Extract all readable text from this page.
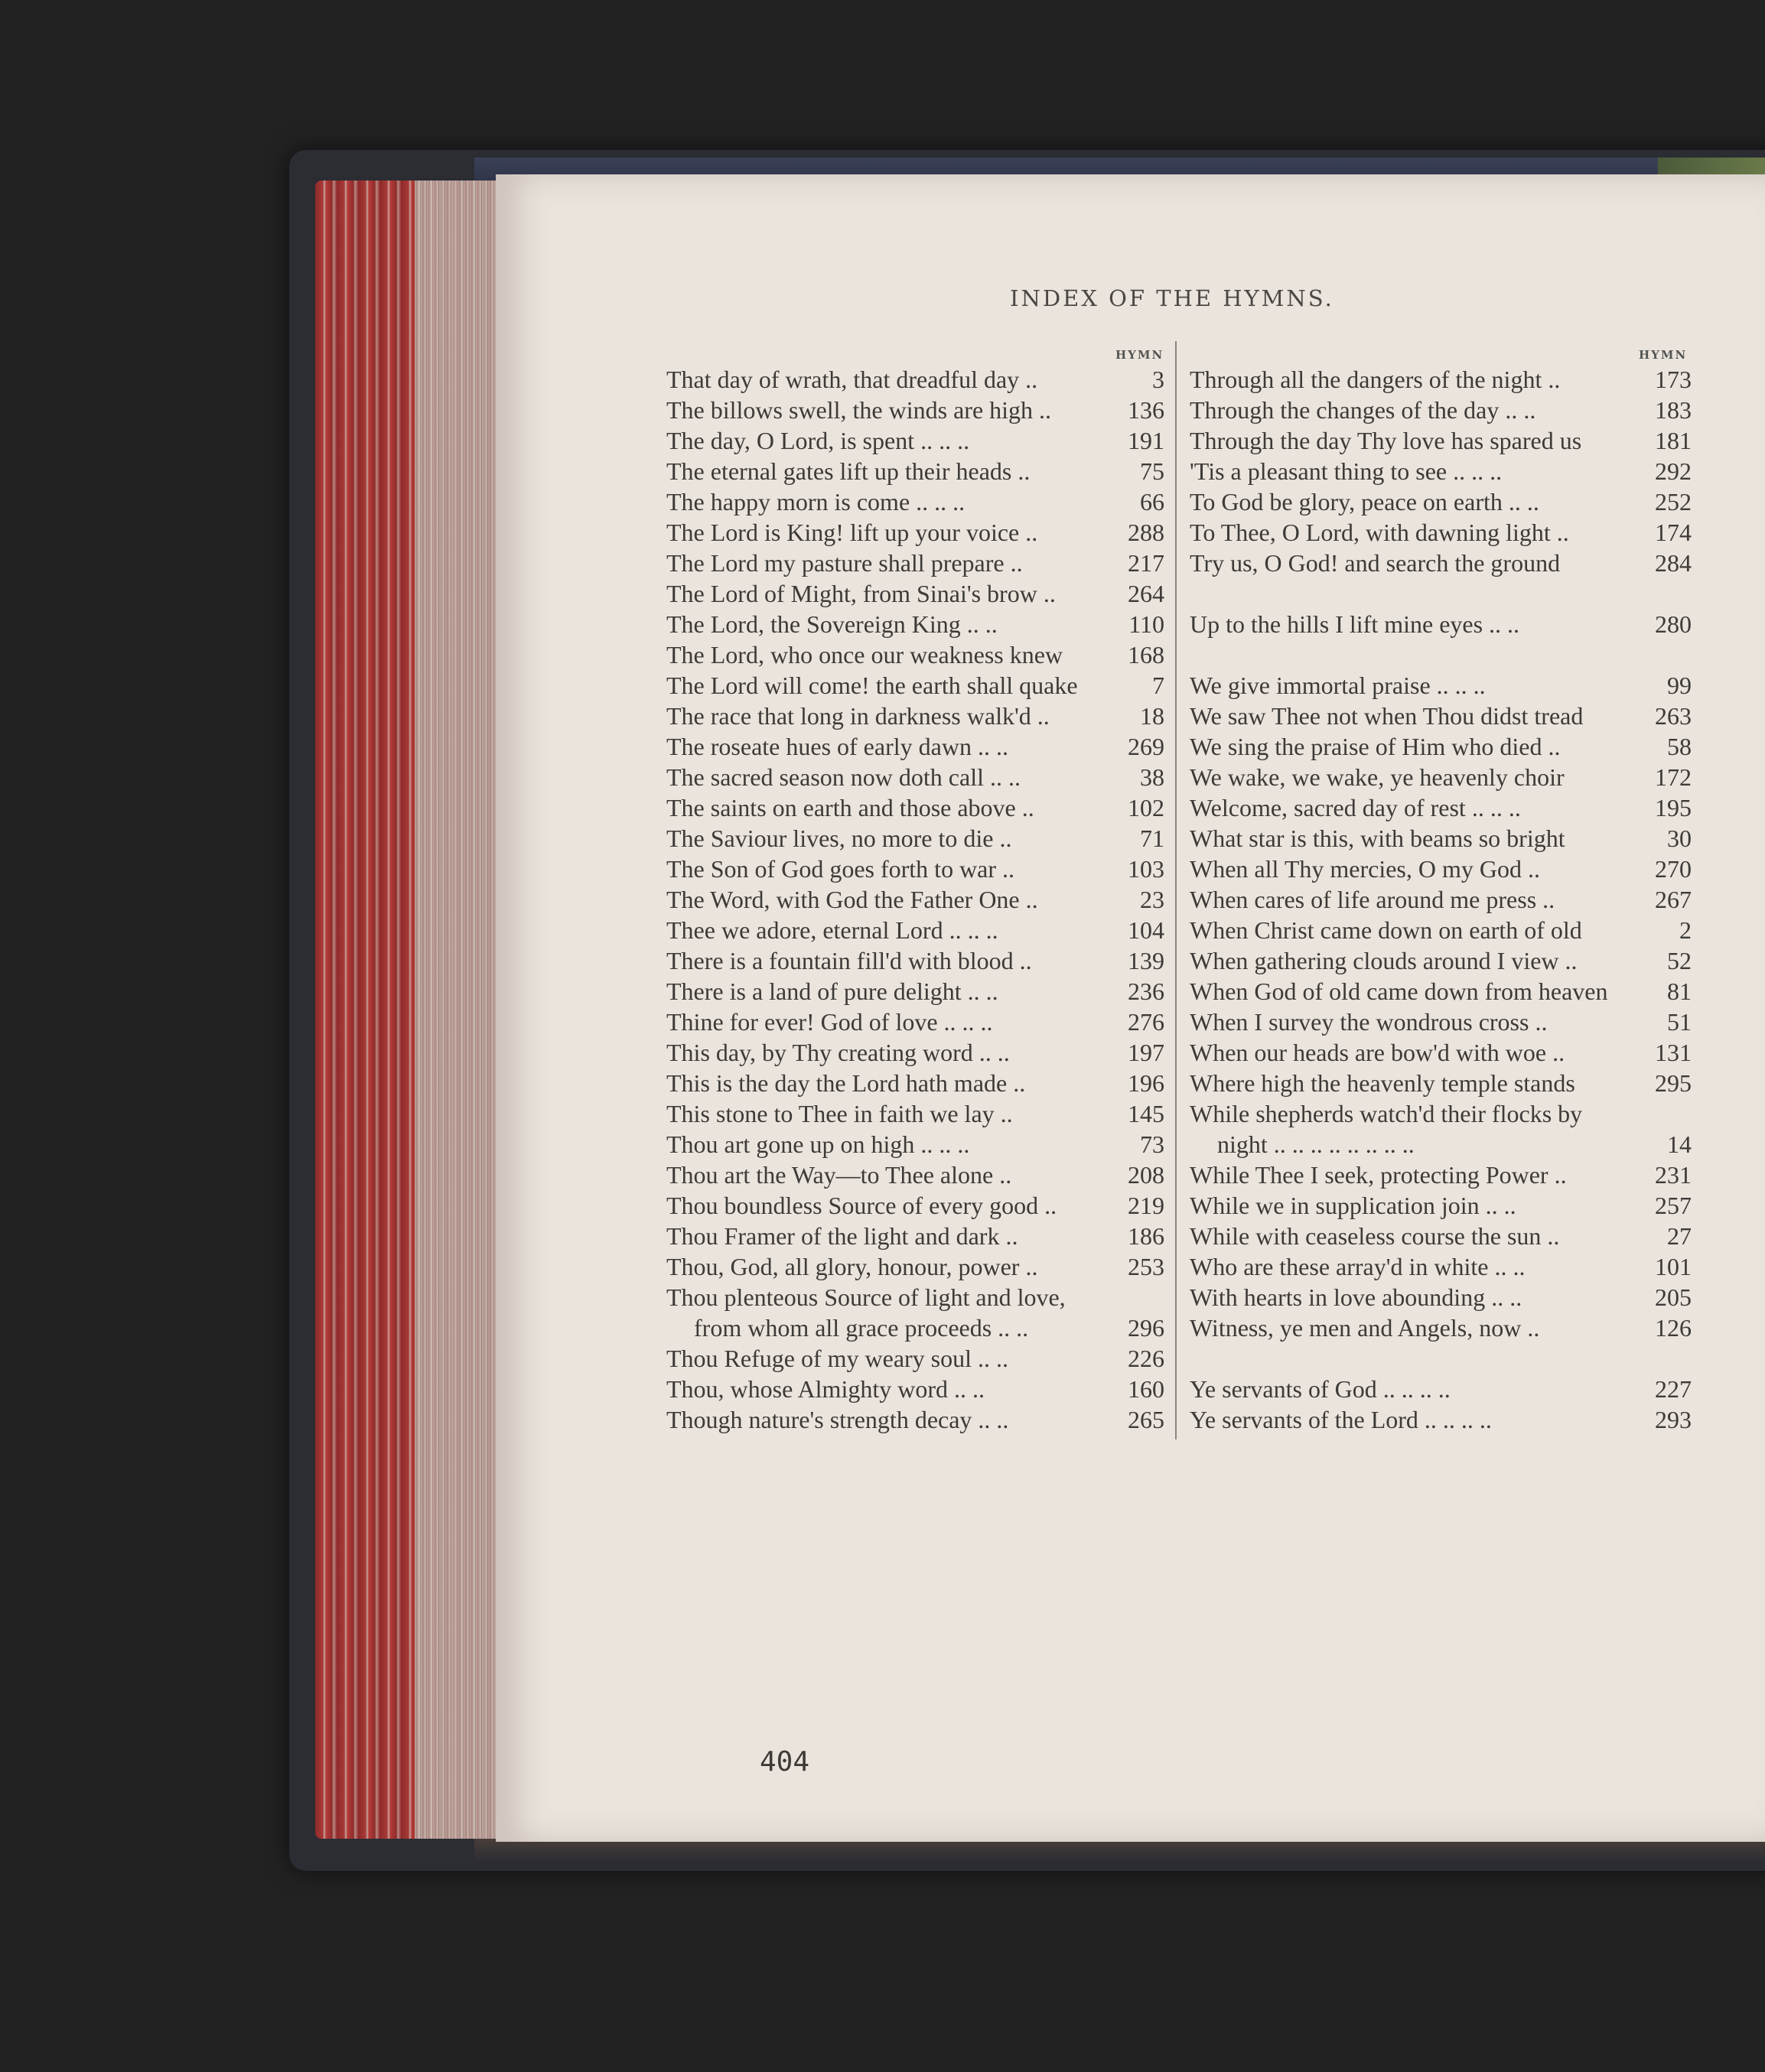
INDEX OF THE HYMNS.
HYMN	HYMN
That day of wrath, that dreadful day ..	3
The billows swell, the winds are high ..	136
The day, O Lord, is spent .. .. ..	191
The eternal gates lift up their heads ..	75
The happy morn is come .. .. ..	66
The Lord is King! lift up your voice ..	288
The Lord my pasture shall prepare ..	217
The Lord of Might, from Sinai's brow ..	264
The Lord, the Sovereign King .. ..	110
The Lord, who once our weakness knew	168
The Lord will come! the earth shall quake	7
The race that long in darkness walk'd ..	18
The roseate hues of early dawn .. ..	269
The sacred season now doth call .. ..	38
The saints on earth and those above ..	102
The Saviour lives, no more to die ..	71
The Son of God goes forth to war ..	103
The Word, with God the Father One ..	23
Thee we adore, eternal Lord .. .. ..	104
There is a fountain fill'd with blood ..	139
There is a land of pure delight .. ..	236
Thine for ever! God of love .. .. ..	276
This day, by Thy creating word .. ..	197
This is the day the Lord hath made ..	196
This stone to Thee in faith we lay ..	145
Thou art gone up on high .. .. ..	73
Thou art the Way—to Thee alone ..	208
Thou boundless Source of every good ..	219
Thou Framer of the light and dark ..	186
Thou, God, all glory, honour, power ..	253
Thou plenteous Source of light and love,
from whom all grace proceeds .. ..	296
Thou Refuge of my weary soul .. ..	226
Thou, whose Almighty word .. ..	160
Though nature's strength decay .. ..	265
Through all the dangers of the night ..	173
Through the changes of the day .. ..	183
Through the day Thy love has spared us	181
'Tis a pleasant thing to see .. .. ..	292
To God be glory, peace on earth .. ..	252
To Thee, O Lord, with dawning light ..	174
Try us, O God! and search the ground	284
Up to the hills I lift mine eyes .. ..	280
We give immortal praise .. .. ..	99
We saw Thee not when Thou didst tread	263
We sing the praise of Him who died ..	58
We wake, we wake, ye heavenly choir	172
Welcome, sacred day of rest .. .. ..	195
What star is this, with beams so bright	30
When all Thy mercies, O my God ..	270
When cares of life around me press ..	267
When Christ came down on earth of old	2
When gathering clouds around I view ..	52
When God of old came down from heaven	81
When I survey the wondrous cross ..	51
When our heads are bow'd with woe ..	131
Where high the heavenly temple stands	295
While shepherds watch'd their flocks by
night .. .. .. .. .. .. .. ..	14
While Thee I seek, protecting Power ..	231
While we in supplication join .. ..	257
While with ceaseless course the sun ..	27
Who are these array'd in white .. ..	101
With hearts in love abounding .. ..	205
Witness, ye men and Angels, now ..	126
Ye servants of God .. .. .. ..	227
Ye servants of the Lord .. .. .. ..	293
404
